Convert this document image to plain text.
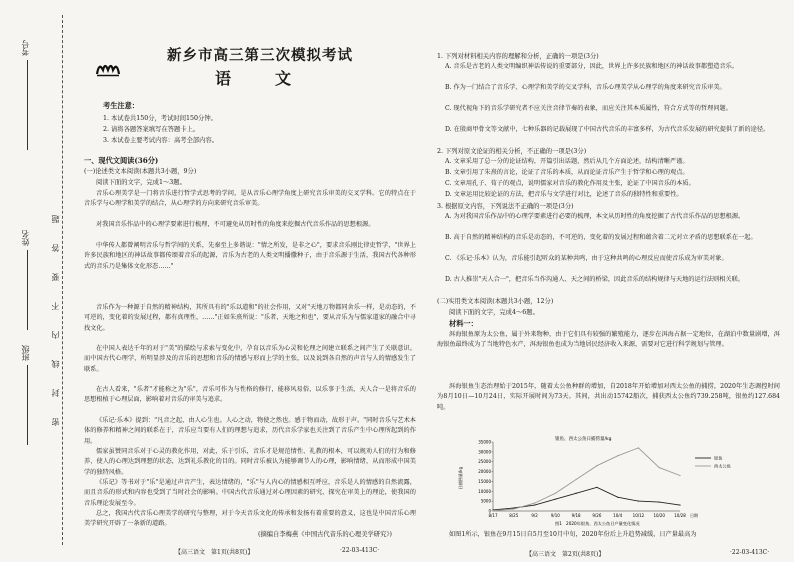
考号
姓名
班级
题
答
要
不
内
线
封
密
新乡市高三第三次模拟考试
语　文
考生注意：
1. 本试卷共150分，考试时间150分钟。
2. 请将各题答案填写在答题卡上。
3. 本试卷主要考试内容：高考全部内容。
一、现代文阅读(36分)
(一)论述类文本阅读(本题共3小题，9分)
阅读下面的文字，完成1～3题。
音乐心理美学是一门将音乐进行哲学式思考的学问，是从音乐心理学角度上研究音乐审美的交叉学科。它的特点在于音乐学与心理学和美学的结合，从心理学的方向来研究音乐审美。
对我国音乐作品中的心理学要素进行梳理，不可避免从历时性的角度来挖掘古代音乐作品的思想根源。
中华传人都曾阐明音乐与哲学间的关系，先秦至上多谐说："情之所发，是非之心"，要求音乐刚比律吏哲学，"世界上许多民族和地区的神话故事都传颂着音乐的起源，音乐为古老的人类文明播撒种子，由于音乐源于生活，我国古代各种形式的音乐乃是集体文化形态……"
音乐作为一种源于自然的精神结构，其所具有的"乐以道和"的社会作用，又对"天地万物都同舍乐一样，是动态的，不可逆的，变化着的发展过程，都有真理性，……"正如朱熹所说："乐者，天地之和也"，要从音乐为与儒家道家的融合中寻找文化。
在中国人表达千年的对于"美"的描绘与求索与变化中，孕育以音乐为心灵和伦理之间建立联系之间产生了关联意识。而中国古代心理学，所明显涉及的音乐的思想和音乐的情感与形而上学的主张，以及说到各自然的声音与人的情感发生了联系。
在古人看来，"乐者"才能称之为"乐"，音乐可作为与性格的修行，能移风易俗，以乐事于生活，天人合一是将音乐的思想根植于心理层面，影响着对音乐的审美与追求。
《乐记·乐本》提到："凡音之起，由人心生也。人心之动，物使之然也。感于物而动，故形于声。"同时音乐与艺术本体的修养和精神之间的联系在于，音乐应当要有人们的理想与追求，历代音乐学家也关注到了音乐产生中心理所起到的作用。
儒家虽赞同音乐对于心灵的教化作用，对此，乐于引乐，音乐才是规范情性、礼教的根本，可以规劝人们的行为和修养，使人的心理达到理想的状态，达到礼乐教化的目的。同时音乐被认为能够调节人的心理，影响情绪，从而形成中国美学的独特风格。
《乐记》等书对于"乐"是通过声音产生，表达情绪的，"乐"与人内心的情感相互呼应，音乐是人的情感的自然流露，而且音乐的形式和内容也受到了当时社会的影响。中国古代音乐通过对心理因素的研究，探究在审美上的理论，使我国的音乐理论发展至今。
总之，我国古代音乐心理美学的研究与整理，对于今天音乐文化的传承和发扬有着重要的意义，这也是中国音乐心理美学研究开辟了一条新的道路。
(摘编自李梅燕《中国古代音乐的心理美学研究》)
【高三语文　第1页(共8页)】	·22-03-413C·
1. 下列对材料相关内容的理解和分析，正确的一项是(3分)
A. 音乐是古老的人类文明编织神话传说的重要部分，因此，世界上许多民族和地区的神话故事都塑造音乐。
B. 作为一门结合了音乐学、心理学和美学的交叉学科，音乐心理美学从心理学的角度来研究音乐审美。
C. 现代视角下的音乐学研究者不应关注音律节奏的表象，而应关注其本质属性，符合方式等的哲理问题。
D. 在殷商甲骨文等文献中，七种乐器的记载展现了中国古代音乐的丰富多样，为古代音乐发展的研究提供了新的途径。
2. 下列对原文论证的相关分析，不正确的一项是(3分)
A. 文章采用了总一分的论证结构，开篇引出话题，然后从几个方面论述，结构清晰严谨。
B. 文章引用了朱熹的言论，论证了音乐的本质，从而论证音乐产生于哲学和心理的观点。
C. 文章用孔子、荀子的观点，说明儒家对音乐的教化作用及主张，论证了中国音乐的本质。
D. 文章运用比较论证的方法，把音乐与文学进行对比，论述了音乐的独特性和重要性。
3. 根据原文内容，下列说法不正确的一项是(3分)
A. 为对我国音乐作品中的心理学要素进行必要的梳理，本文从历时性的角度挖掘了古代音乐作品的思想根源。
B. 高于自然的精神结构的音乐是动态的，不可逆的，变化着的发展过程和蕴含着二元对立矛盾的思想联系在一起。
C. 《乐记·乐本》认为，音乐能引起听众的某种共鸣，由于这种共鸣的心理反应而使音乐成为审美对象。
D. 古人推崇"天人合一"，把音乐当作沟通人、天之间的桥梁，因此音乐的结构规律与天地的运行法则相关联。
(二)实用类文本阅读(本题共3小题，12分)
阅读下面的文字，完成4～6题。
材料一：
洱海银鱼原为太公鱼，属于外来物种，由于它们具有较强的繁殖能力，逐步在洱海占据一定地位，在湖泊中数量剧增，洱海银鱼最终成为了当地特色水产，洱海银鱼也成为当地居民经济收入来源，需要对它进行科学规划与管理。
洱海银鱼生态治理始于2015年，随着太公鱼种群的增加，自2018年开始增加对西太公鱼的捕捞，2020年生态调控时间为8月10日—10月24日，实际开展时间为73天。其间，共出动15742船次，捕获西太公鱼约739.258吨，银鱼约127.684吨。
银鱼、西太公鱼日捕捞量/kg
日捕捞量/kg
0
5000
10000
15000
20000
25000
30000
35000
8/17	8/25	9/2	9/10	9/18	9/26	10/4	10/12 10/20 10/28 日期
银鱼
西太公鱼
图1　2020年银鱼、西太公鱼日产量变化情况
如图1所示，银鱼在9月15日自5月至10月中旬，2020年份后上升趋势减缓，日产量最高为
【高三语文　第2页(共8页)】	·22-03-413C·
